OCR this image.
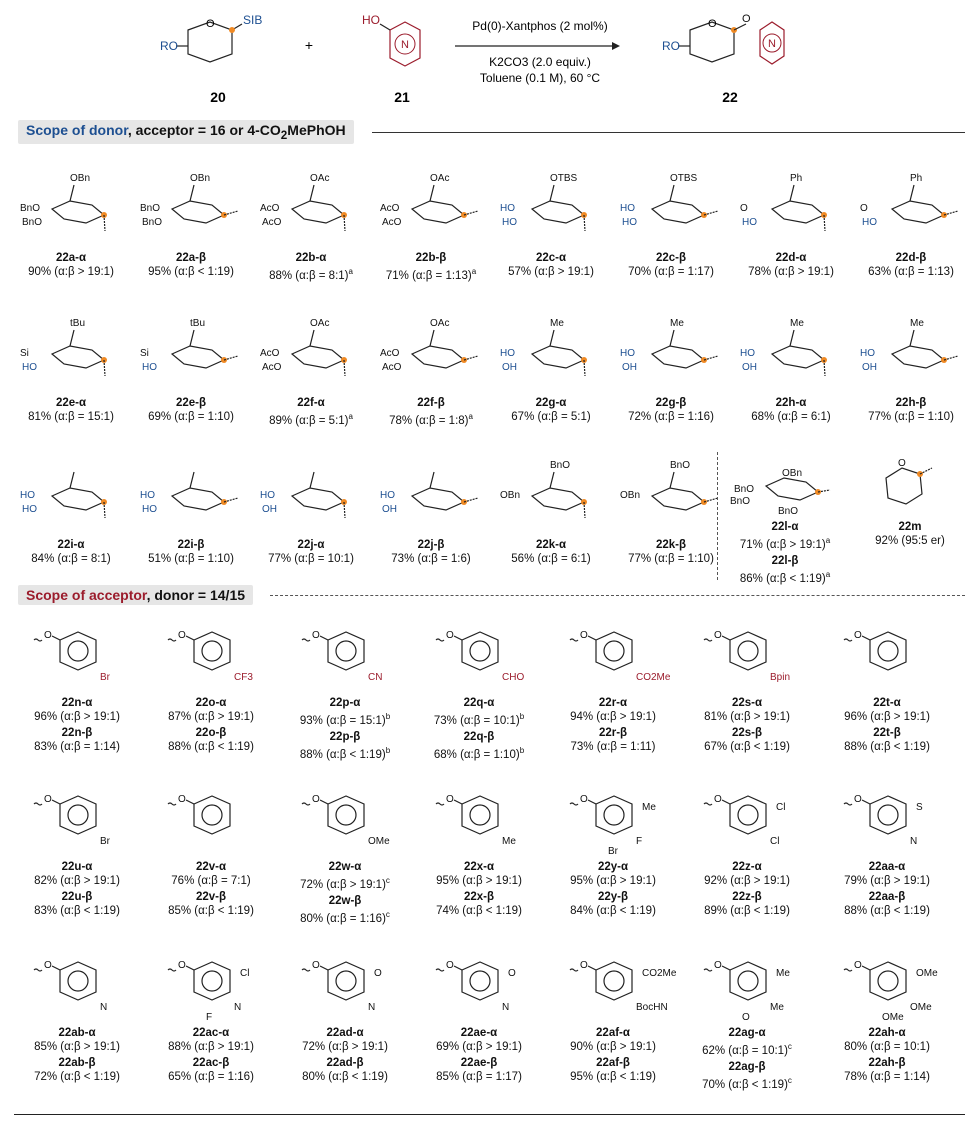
O
RO
SIB
20
+	N
HO
21
Pd(0)-Xantphos (2 mol%)
K2CO3 (2.0 equiv.)
Toluene (0.1 M), 60 °C
O
RO
O
N
22
Scope of donor, acceptor = 16 or $4-CO_2MePhOH$
OBn
BnO
BnO
22a-α
90% (α:β > 19:1)
OBn
BnO
BnO
22a-β
95% (α:β < 1:19)
OAc
AcO
AcO
22b-α
88% (α:β = 8:1)$^a$
OAc
AcO
AcO
22b-β
71% (α:β = 1:13)$^a$
OTBS
HO
HO
22c-α
57% (α:β > 19:1)
OTBS
HO
HO
22c-β
70% (α:β = 1:17)
Ph
O
HO
22d-α
78% (α:β > 19:1)
Ph
O
HO
22d-β
63% (α:β = 1:13)
tBu
Si
HO
22e-α
81% (α:β = 15:1)
tBu
Si
HO
22e-β
69% (α:β = 1:10)
OAc
AcO
AcO
22f-α
89% (α:β = 5:1)$^a$
OAc
AcO
AcO
22f-β
78% (α:β = 1:8)$^a$
Me
HO
OH
22g-α
67% (α:β = 5:1)
Me
HO
OH
22g-β
72% (α:β = 1:16)
Me
HO
OH
22h-α
68% (α:β = 6:1)
Me
HO
OH
22h-β
77% (α:β = 1:10)
HO
HO
22i-α
84% (α:β = 8:1)
HO
HO
22i-β
51% (α:β = 1:10)
HO
OH
22j-α
77% (α:β = 10:1)
HO
OH
22j-β
73% (α:β = 1:6)
BnO
OBn
22k-α
56% (α:β = 6:1)
BnO
OBn
22k-β
77% (α:β = 1:10)
OBn
BnO
BnO
BnO
22l-α
71% (α:β > 19:1)$^a$
22l-β
86% (α:β < 1:19)$^a$
O
22m
92% (95:5 er)
Scope of acceptor, donor = 14/15
O
Br
22n-α
96% (α:β > 19:1)
22n-β
83% (α:β = 1:14)
O
CF3
22o-α
87% (α:β > 19:1)
22o-β
88% (α:β < 1:19)
O
CN
22p-α
93% (α:β = 15:1)$^b$
22p-β
88% (α:β < 1:19)$^b$
O
CHO
22q-α
73% (α:β = 10:1)$^b$
22q-β
68% (α:β = 1:10)$^b$
O
CO2Me
22r-α
94% (α:β > 19:1)
22r-β
73% (α:β = 1:11)
O
Bpin
22s-α
81% (α:β > 19:1)
22s-β
67% (α:β < 1:19)
O
22t-α
96% (α:β > 19:1)
22t-β
88% (α:β < 1:19)
O
Br
22u-α
82% (α:β > 19:1)
22u-β
83% (α:β < 1:19)
O
22v-α
76% (α:β = 7:1)
22v-β
85% (α:β < 1:19)
O
OMe
22w-α
72% (α:β > 19:1)$^c$
22w-β
80% (α:β = 1:16)$^c$
O
Me
22x-α
95% (α:β > 19:1)
22x-β
74% (α:β < 1:19)
O
F
Me
Br
22y-α
95% (α:β > 19:1)
22y-β
84% (α:β < 1:19)
O
Cl
Cl
22z-α
92% (α:β > 19:1)
22z-β
89% (α:β < 1:19)
O
N
S
22aa-α
79% (α:β > 19:1)
22aa-β
88% (α:β < 1:19)
O
N
22ab-α
85% (α:β > 19:1)
22ab-β
72% (α:β < 1:19)
O
N
Cl
F
22ac-α
88% (α:β > 19:1)
22ac-β
65% (α:β = 1:16)
O
N
O
22ad-α
72% (α:β > 19:1)
22ad-β
80% (α:β < 1:19)
O
N
O
22ae-α
69% (α:β > 19:1)
22ae-β
85% (α:β = 1:17)
O
BocHN
CO2Me
22af-α
90% (α:β > 19:1)
22af-β
95% (α:β < 1:19)
O
Me
Me
O
22ag-α
62% (α:β = 10:1)$^c$
22ag-β
70% (α:β < 1:19)$^c$
O
OMe
OMe
OMe
22ah-α
80% (α:β = 10:1)
22ah-β
78% (α:β = 1:14)
